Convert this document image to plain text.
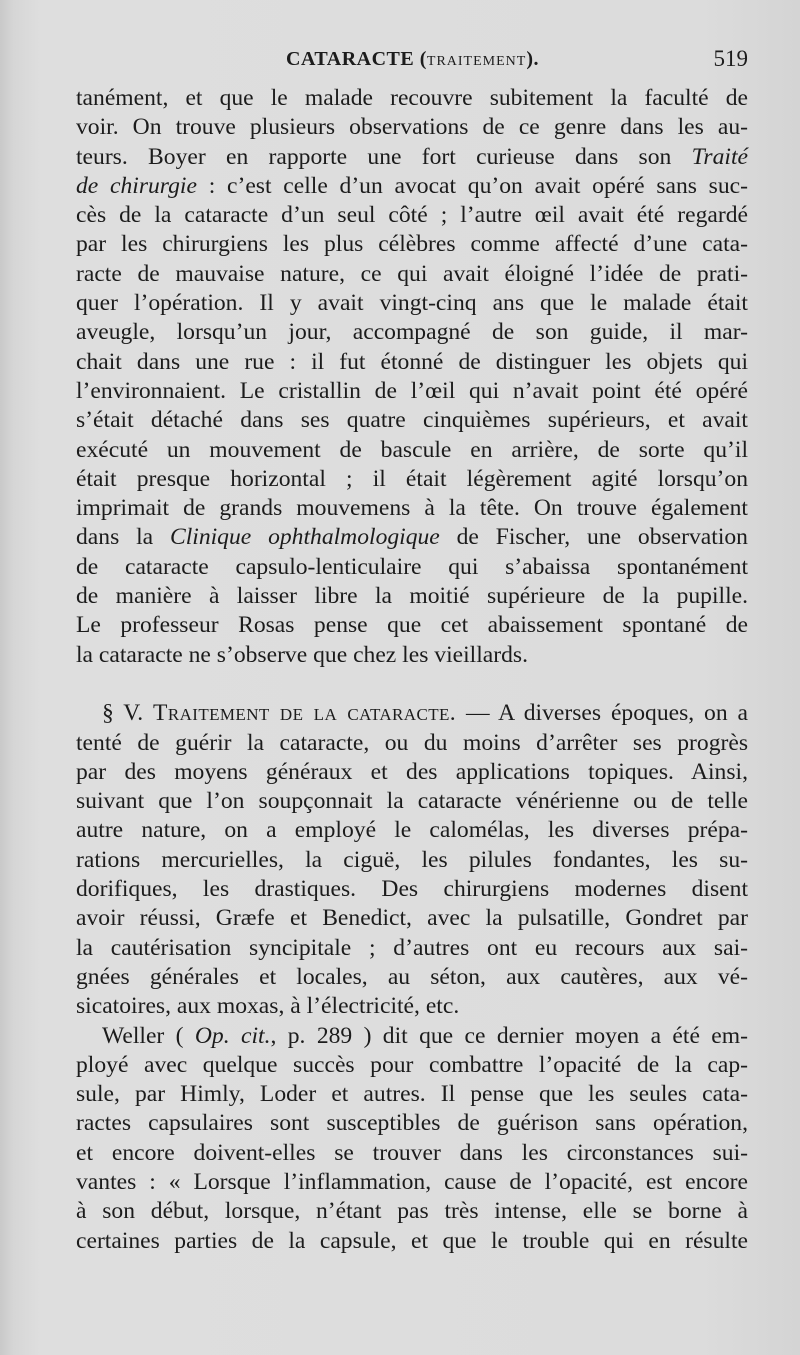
CATARACTE (TRAITEMENT).	519
tanément, et que le malade recouvre subitement la faculté de
voir. On trouve plusieurs observations de ce genre dans les au-
teurs. Boyer en rapporte une fort curieuse dans son Traité
de chirurgie : c’est celle d’un avocat qu’on avait opéré sans suc-
cès de la cataracte d’un seul côté ; l’autre œil avait été regardé
par les chirurgiens les plus célèbres comme affecté d’une cata-
racte de mauvaise nature, ce qui avait éloigné l’idée de prati-
quer l’opération. Il y avait vingt-cinq ans que le malade était
aveugle, lorsqu’un jour, accompagné de son guide, il mar-
chait dans une rue : il fut étonné de distinguer les objets qui
l’environnaient. Le cristallin de l’œil qui n’avait point été opéré
s’était détaché dans ses quatre cinquièmes supérieurs, et avait
exécuté un mouvement de bascule en arrière, de sorte qu’il
était presque horizontal ; il était légèrement agité lorsqu’on
imprimait de grands mouvemens à la tête. On trouve également
dans la Clinique ophthalmologique de Fischer, une observation
de cataracte capsulo-lenticulaire qui s’abaissa spontanément
de manière à laisser libre la moitié supérieure de la pupille.
Le professeur Rosas pense que cet abaissement spontané de
la cataracte ne s’observe que chez les vieillards.
§ V. Traitement de la cataracte. — A diverses époques, on a
tenté de guérir la cataracte, ou du moins d’arrêter ses progrès
par des moyens généraux et des applications topiques. Ainsi,
suivant que l’on soupçonnait la cataracte vénérienne ou de telle
autre nature, on a employé le calomélas, les diverses prépa-
rations mercurielles, la ciguë, les pilules fondantes, les su-
dorifiques, les drastiques. Des chirurgiens modernes disent
avoir réussi, Græfe et Benedict, avec la pulsatille, Gondret par
la cautérisation syncipitale ; d’autres ont eu recours aux sai-
gnées générales et locales, au séton, aux cautères, aux vé-
sicatoires, aux moxas, à l’électricité, etc.
Weller ( Op. cit., p. 289 ) dit que ce dernier moyen a été em-
ployé avec quelque succès pour combattre l’opacité de la cap-
sule, par Himly, Loder et autres. Il pense que les seules cata-
ractes capsulaires sont susceptibles de guérison sans opération,
et encore doivent-elles se trouver dans les circonstances sui-
vantes : « Lorsque l’inflammation, cause de l’opacité, est encore
à son début, lorsque, n’étant pas très intense, elle se borne à
certaines parties de la capsule, et que le trouble qui en résulte
